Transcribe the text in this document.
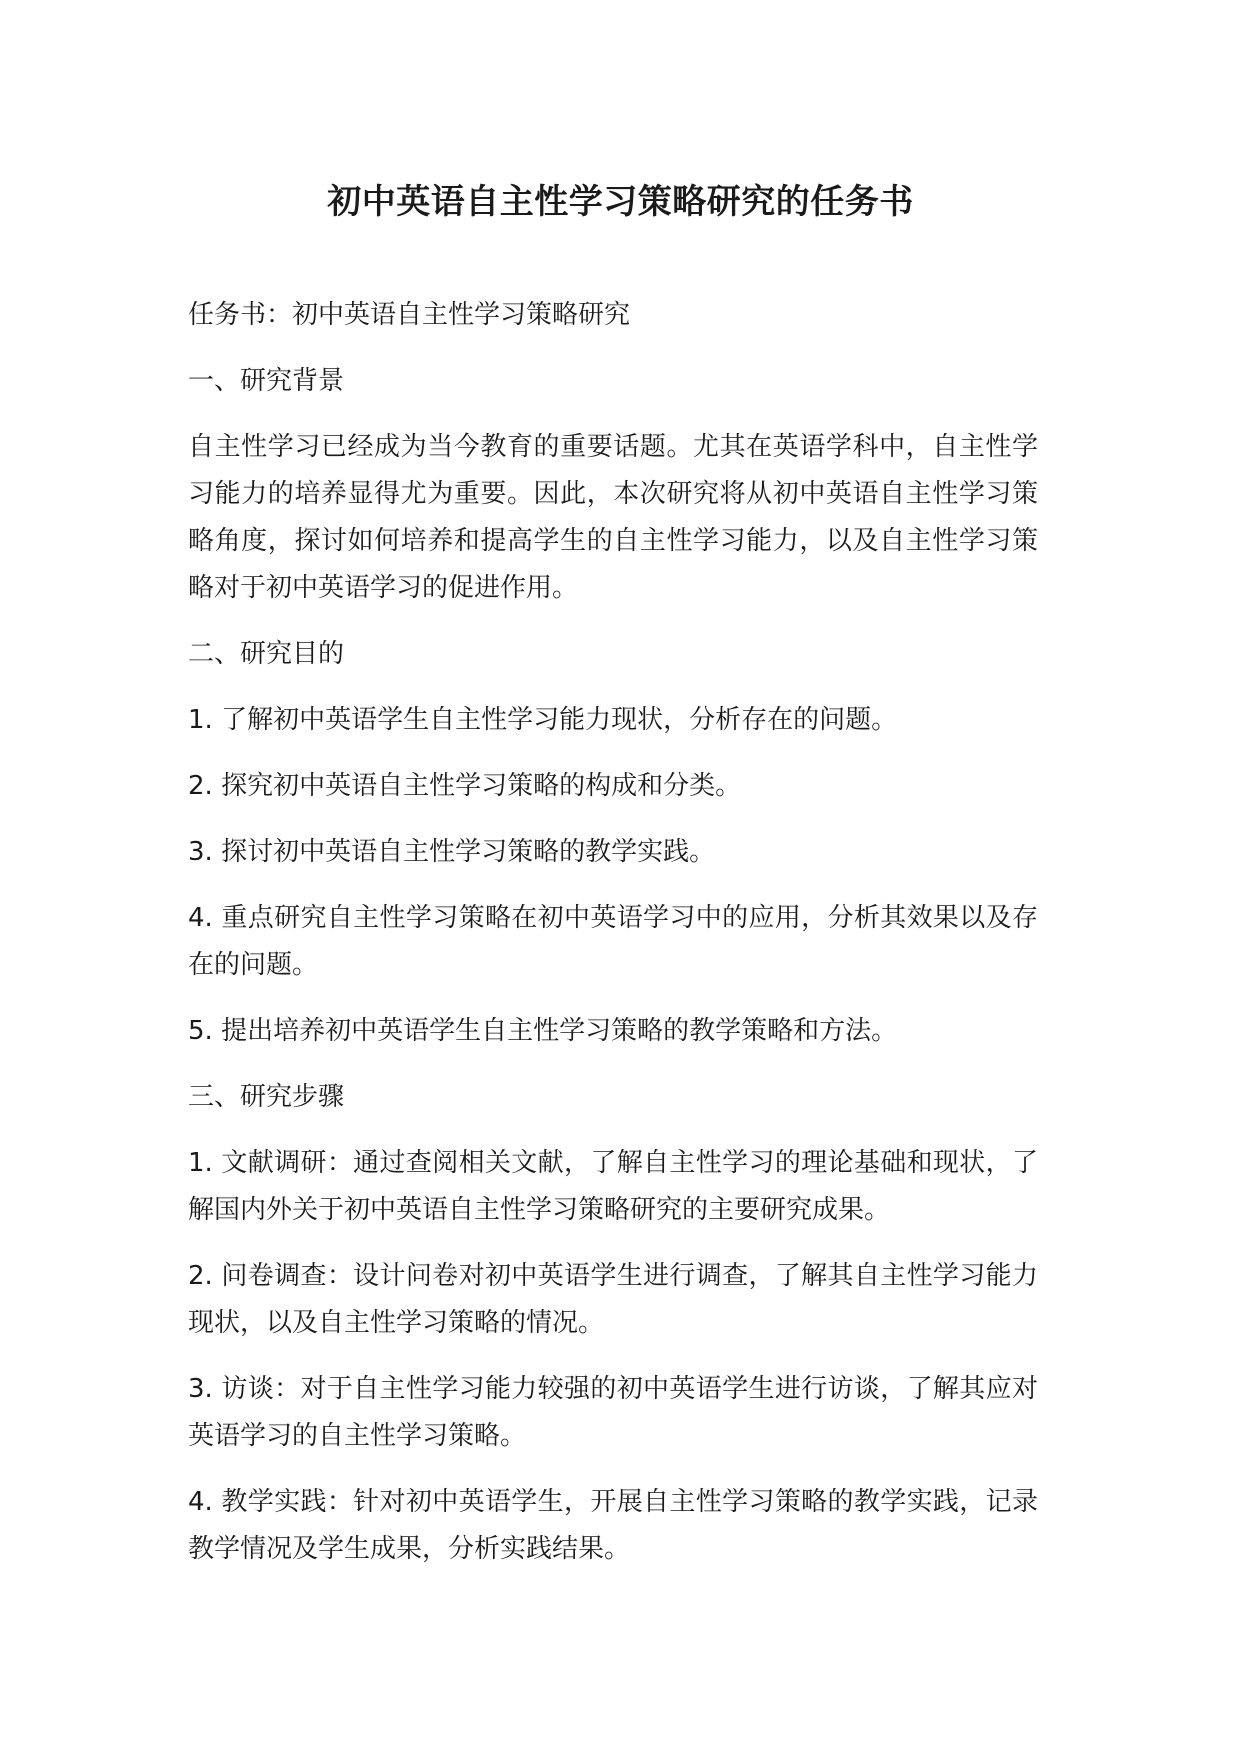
初中英语自主性学习策略研究的任务书

任务书：初中英语自主性学习策略研究

一、研究背景

自主性学习已经成为当今教育的重要话题。尤其在英语学科中，自主性学习能力的培养显得尤为重要。因此，本次研究将从初中英语自主性学习策略角度，探讨如何培养和提高学生的自主性学习能力，以及自主性学习策略对于初中英语学习的促进作用。

二、研究目的

1. 了解初中英语学生自主性学习能力现状，分析存在的问题。

2. 探究初中英语自主性学习策略的构成和分类。

3. 探讨初中英语自主性学习策略的教学实践。

4. 重点研究自主性学习策略在初中英语学习中的应用，分析其效果以及存在的问题。

5. 提出培养初中英语学生自主性学习策略的教学策略和方法。

三、研究步骤

1. 文献调研：通过查阅相关文献，了解自主性学习的理论基础和现状，了解国内外关于初中英语自主性学习策略研究的主要研究成果。

2. 问卷调查：设计问卷对初中英语学生进行调查，了解其自主性学习能力现状，以及自主性学习策略的情况。

3. 访谈：对于自主性学习能力较强的初中英语学生进行访谈，了解其应对英语学习的自主性学习策略。

4. 教学实践：针对初中英语学生，开展自主性学习策略的教学实践，记录教学情况及学生成果，分析实践结果。
